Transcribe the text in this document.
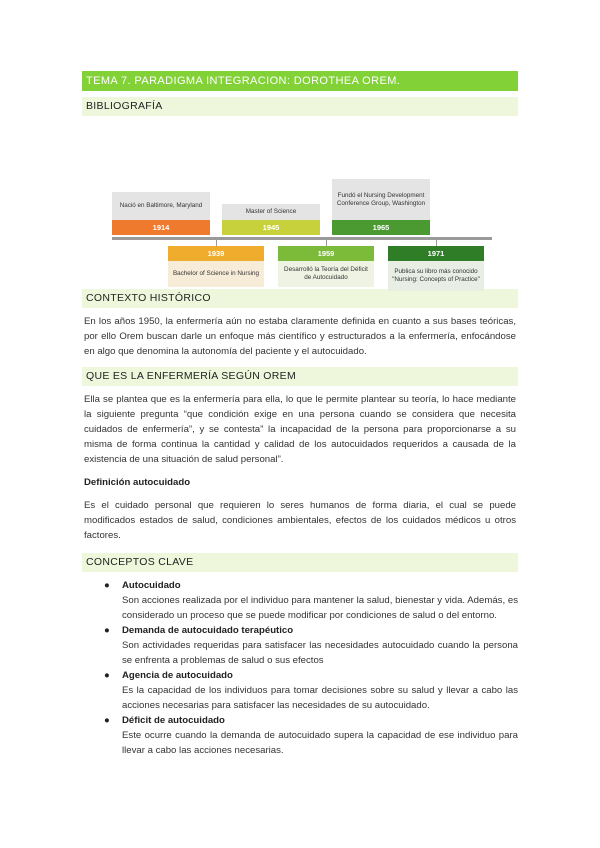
TEMA 7. PARADIGMA INTEGRACION: DOROTHEA OREM.
BIBLIOGRAFÍA
Nació en Baltimore, Maryland
1914
Master of Science
1945
Fundó el Nursing Development Conference Group, Washington
1965
1939
Bachelor of Science in Nursing
1959
Desarrolló la Teoría del Déficit de Autocuidado
1971
Publica su libro más conocido "Nursing: Concepts of Practice"
CONTEXTO HISTÓRICO

En los años 1950, la enfermería aún no estaba claramente definida en cuanto a sus bases teóricas, por ello Orem buscan darle un enfoque más científico y estructurados a la enfermería, enfocándose en algo que denomina la autonomía del paciente y el autocuidado.

QUE ES LA ENFERMERÍA SEGÚN OREM

Ella se plantea que es la enfermería para ella, lo que le permite plantear su teoría, lo hace mediante la siguiente pregunta “que condición exige en una persona cuando se considera que necesita cuidados de enfermería”, y se contesta” la incapacidad de la persona para proporcionarse a su misma de forma continua la cantidad y calidad de los autocuidados requeridos a causada de la existencia de una situación de salud personal”.

Definición autocuidado

Es el cuidado personal que requieren lo seres humanos de forma diaria, el cual se puede modificados estados de salud, condiciones ambientales, efectos de los cuidados médicos u otros factores.

CONCEPTOS CLAVE
● Autocuidado
Son acciones realizada por el individuo para mantener la salud, bienestar y vida. Además, es considerado un proceso que se puede modificar por condiciones de salud o del entorno.
● Demanda de autocuidado terapéutico
Son actividades requeridas para satisfacer las necesidades autocuidado cuando la persona se enfrenta a problemas de salud o sus efectos
● Agencia de autocuidado
Es la capacidad de los individuos para tomar decisiones sobre su salud y llevar a cabo las acciones necesarias para satisfacer las necesidades de su autocuidado.
● Déficit de autocuidado
Este ocurre cuando la demanda de autocuidado supera la capacidad de ese individuo para llevar a cabo las acciones necesarias.
